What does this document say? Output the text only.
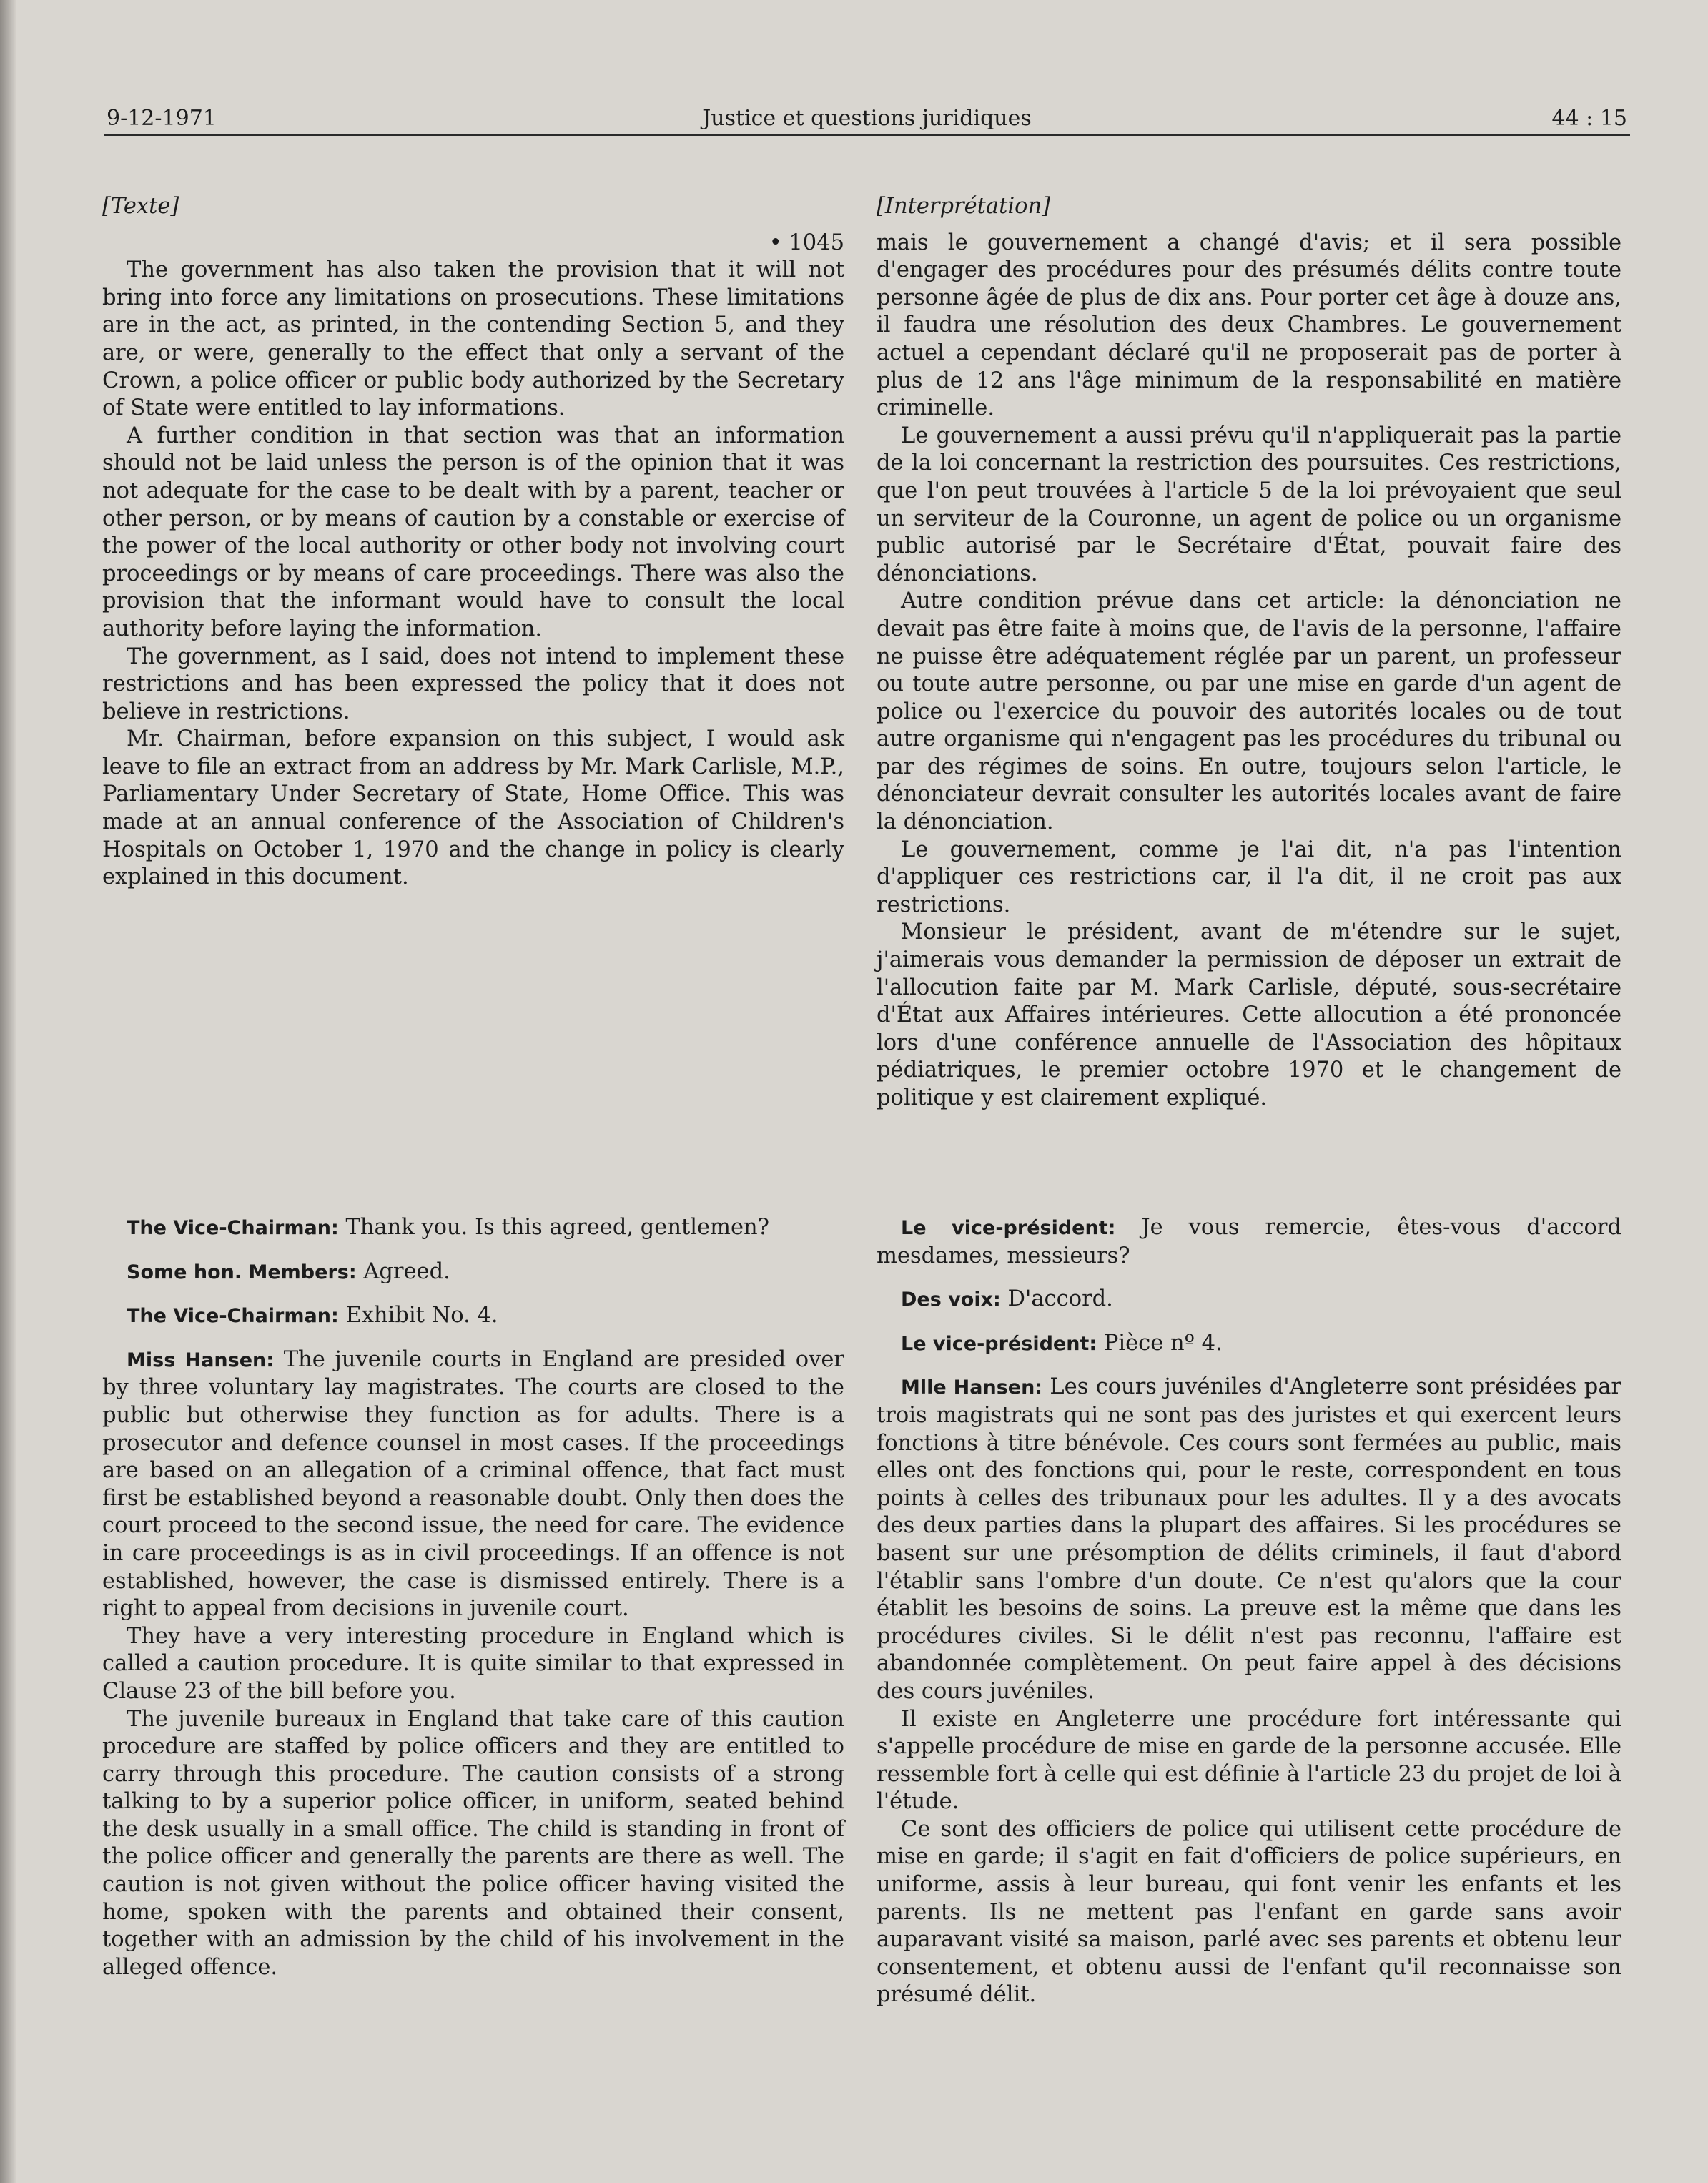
9-12-1971	Justice et questions juridiques	44 : 15
[Texte]
• 1045

The government has also taken the provision that it will not bring into force any limitations on prosecutions. These limitations are in the act, as printed, in the contending Section 5, and they are, or were, generally to the effect that only a servant of the Crown, a police officer or public body authorized by the Secretary of State were entitled to lay informations.

A further condition in that section was that an information should not be laid unless the person is of the opinion that it was not adequate for the case to be dealt with by a parent, teacher or other person, or by means of caution by a constable or exercise of the power of the local authority or other body not involving court proceedings or by means of care proceedings. There was also the provision that the informant would have to consult the local authority before laying the information.

The government, as I said, does not intend to implement these restrictions and has been expressed the policy that it does not believe in restrictions.

Mr. Chairman, before expansion on this subject, I would ask leave to file an extract from an address by Mr. Mark Carlisle, M.P., Parliamentary Under Secretary of State, Home Office. This was made at an annual conference of the Association of Children's Hospitals on October 1, 1970 and the change in policy is clearly explained in this document.

The Vice-Chairman: Thank you. Is this agreed, gentlemen?

Some hon. Members: Agreed.

The Vice-Chairman: Exhibit No. 4.

Miss Hansen: The juvenile courts in England are presided over by three voluntary lay magistrates. The courts are closed to the public but otherwise they function as for adults. There is a prosecutor and defence counsel in most cases. If the proceedings are based on an allegation of a criminal offence, that fact must first be established beyond a reasonable doubt. Only then does the court proceed to the second issue, the need for care. The evidence in care proceedings is as in civil proceedings. If an offence is not established, however, the case is dismissed entirely. There is a right to appeal from decisions in juvenile court.

They have a very interesting procedure in England which is called a caution procedure. It is quite similar to that expressed in Clause 23 of the bill before you.

The juvenile bureaux in England that take care of this caution procedure are staffed by police officers and they are entitled to carry through this procedure. The caution consists of a strong talking to by a superior police officer, in uniform, seated behind the desk usually in a small office. The child is standing in front of the police officer and generally the parents are there as well. The caution is not given without the police officer having visited the home, spoken with the parents and obtained their consent, together with an admission by the child of his involvement in the alleged offence.

[Interprétation]

mais le gouvernement a changé d'avis; et il sera possible d'engager des procédures pour des présumés délits contre toute personne âgée de plus de dix ans. Pour porter cet âge à douze ans, il faudra une résolution des deux Chambres. Le gouvernement actuel a cependant déclaré qu'il ne proposerait pas de porter à plus de 12 ans l'âge minimum de la responsabilité en matière criminelle.

Le gouvernement a aussi prévu qu'il n'appliquerait pas la partie de la loi concernant la restriction des poursuites. Ces restrictions, que l'on peut trouvées à l'article 5 de la loi prévoyaient que seul un serviteur de la Couronne, un agent de police ou un organisme public autorisé par le Secrétaire d'État, pouvait faire des dénonciations.

Autre condition prévue dans cet article: la dénonciation ne devait pas être faite à moins que, de l'avis de la personne, l'affaire ne puisse être adéquatement réglée par un parent, un professeur ou toute autre personne, ou par une mise en garde d'un agent de police ou l'exercice du pouvoir des autorités locales ou de tout autre organisme qui n'engagent pas les procédures du tribunal ou par des régimes de soins. En outre, toujours selon l'article, le dénonciateur devrait consulter les autorités locales avant de faire la dénonciation.

Le gouvernement, comme je l'ai dit, n'a pas l'intention d'appliquer ces restrictions car, il l'a dit, il ne croit pas aux restrictions.

Monsieur le président, avant de m'étendre sur le sujet, j'aimerais vous demander la permission de déposer un extrait de l'allocution faite par M. Mark Carlisle, député, sous-secrétaire d'État aux Affaires intérieures. Cette allocution a été prononcée lors d'une conférence annuelle de l'Association des hôpitaux pédiatriques, le premier octobre 1970 et le changement de politique y est clairement expliqué.

Le vice-président: Je vous remercie, êtes-vous d'accord mesdames, messieurs?

Des voix: D'accord.

Le vice-président: Pièce nº 4.

Mlle Hansen: Les cours juvéniles d'Angleterre sont présidées par trois magistrats qui ne sont pas des juristes et qui exercent leurs fonctions à titre bénévole. Ces cours sont fermées au public, mais elles ont des fonctions qui, pour le reste, correspondent en tous points à celles des tribunaux pour les adultes. Il y a des avocats des deux parties dans la plupart des affaires. Si les procédures se basent sur une présomption de délits criminels, il faut d'abord l'établir sans l'ombre d'un doute. Ce n'est qu'alors que la cour établit les besoins de soins. La preuve est la même que dans les procédures civiles. Si le délit n'est pas reconnu, l'affaire est abandonnée complètement. On peut faire appel à des décisions des cours juvéniles.

Il existe en Angleterre une procédure fort intéressante qui s'appelle procédure de mise en garde de la personne accusée. Elle ressemble fort à celle qui est définie à l'article 23 du projet de loi à l'étude.

Ce sont des officiers de police qui utilisent cette procédure de mise en garde; il s'agit en fait d'officiers de police supérieurs, en uniforme, assis à leur bureau, qui font venir les enfants et les parents. Ils ne mettent pas l'enfant en garde sans avoir auparavant visité sa maison, parlé avec ses parents et obtenu leur consentement, et obtenu aussi de l'enfant qu'il reconnaisse son présumé délit.
